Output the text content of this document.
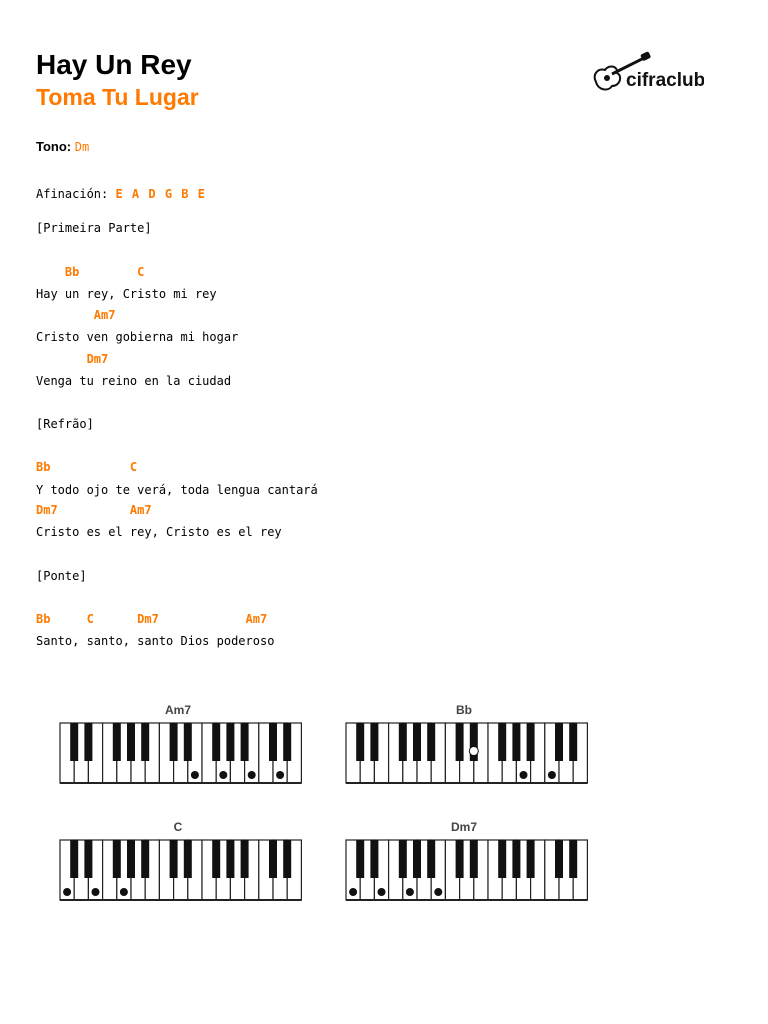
Hay Un Rey
Toma Tu Lugar
cifraclub
Tono: Dm
Afinación: E A D G B E
[Primeira Parte]
Bb        C
Hay un rey, Cristo mi rey
Am7
Cristo ven gobierna mi hogar
Dm7
Venga tu reino en la ciudad
[Refrão]
Bb           C
Y todo ojo te verá, toda lengua cantará
Dm7          Am7
Cristo es el rey, Cristo es el rey
[Ponte]
Bb     C      Dm7            Am7
Santo, santo, santo Dios poderoso
Am7	Bb
C	Dm7
